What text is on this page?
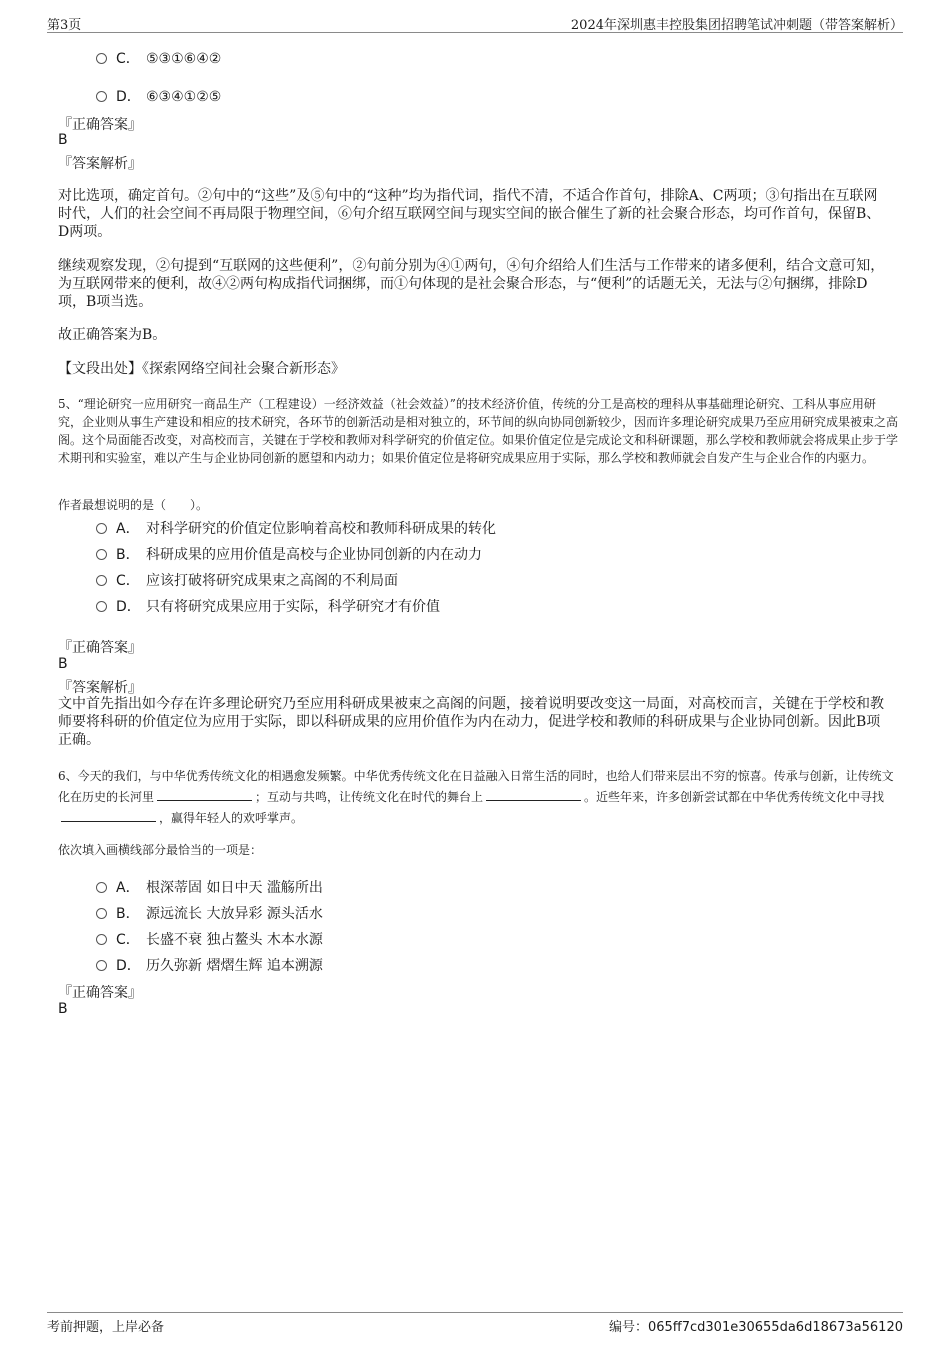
第3页	2024年深圳惠丰控股集团招聘笔试冲刺题（带答案解析）
C． ⑤③①⑥④②
D． ⑥③④①②⑤
『正确答案』
B
『答案解析』
对比选项，确定首句。②句中的“这些”及⑤句中的“这种”均为指代词，指代不清，不适合作首句，排除A、C两项；③句指出在互联网时代，人们的社会空间不再局限于物理空间，⑥句介绍互联网空间与现实空间的嵌合催生了新的社会聚合形态，均可作首句，保留B、D两项。
继续观察发现，②句提到“互联网的这些便利”，②句前分别为④①两句，④句介绍给人们生活与工作带来的诸多便利，结合文意可知，为互联网带来的便利，故④②两句构成指代词捆绑，而①句体现的是社会聚合形态，与“便利”的话题无关，无法与②句捆绑，排除D项，B项当选。
故正确答案为B。
【文段出处】《探索网络空间社会聚合新形态》
5、“理论研究一应用研究一商品生产（工程建设）一经济效益（社会效益）”的技术经济价值，传统的分工是高校的理科从事基础理论研究、工科从事应用研究，企业则从事生产建设和相应的技术研究，各环节的创新活动是相对独立的，环节间的纵向协同创新较少，因而许多理论研究成果乃至应用研究成果被束之高阁。这个局面能否改变，对高校而言，关键在于学校和教师对科学研究的价值定位。如果价值定位是完成论文和科研课题，那么学校和教师就会将成果止步于学术期刊和实验室，难以产生与企业协同创新的愿望和内动力；如果价值定位是将研究成果应用于实际，那么学校和教师就会自发产生与企业合作的内驱力。
作者最想说明的是（　　）。
A． 对科学研究的价值定位影响着高校和教师科研成果的转化
B． 科研成果的应用价值是高校与企业协同创新的内在动力
C． 应该打破将研究成果束之高阁的不利局面
D． 只有将研究成果应用于实际，科学研究才有价值
『正确答案』
B
『答案解析』
文中首先指出如今存在许多理论研究乃至应用科研成果被束之高阁的问题，接着说明要改变这一局面，对高校而言，关键在于学校和教师要将科研的价值定位为应用于实际，即以科研成果的应用价值作为内在动力，促进学校和教师的科研成果与企业协同创新。因此B项正确。
6、今天的我们，与中华优秀传统文化的相遇愈发频繁。中华优秀传统文化在日益融入日常生活的同时，也给人们带来层出不穷的惊喜。传承与创新，让传统文化在历史的长河里	；互动与共鸣，让传统文化在时代的舞台上	。近些年来，许多创新尝试都在中华优秀传统文化中寻找，赢得年轻人的欢呼掌声。
依次填入画横线部分最恰当的一项是：
A． 根深蒂固 如日中天 滥觞所出
B． 源远流长 大放异彩 源头活水
C． 长盛不衰 独占鳌头 木本水源
D． 历久弥新 熠熠生辉 追本溯源
『正确答案』
B
考前押题，上岸必备	编号：065ff7cd301e30655da6d18673a56120
